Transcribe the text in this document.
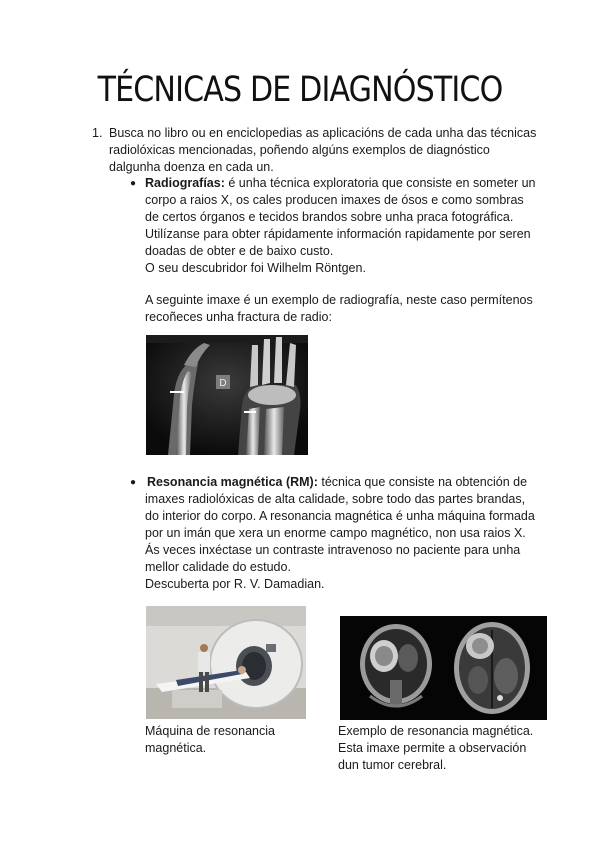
TÉCNICAS DE DIAGNÓSTICO
1. Busca no libro ou en enciclopedias as aplicacións de cada unha das técnicas
radiolóxicas mencionadas, poñendo algúns exemplos de diagnóstico
dalgunha doenza en cada un.
● Radiografías: é unha técnica exploratoria que consiste en someter un
corpo a raios X, os cales producen imaxes de ósos e como sombras
de certos órganos e tecidos brandos sobre unha praca fotográfica.
Utilízanse para obter rápidamente información rapidamente por seren
doadas de obter e de baixo custo.
O seu descubridor foi Wilhelm Röntgen.
A seguinte imaxe é un exemplo de radiografía, neste caso permítenos
recoñeces unha fractura de radio:
D
● Resonancia magnética (RM): técnica que consiste na obtención de
imaxes radiolóxicas de alta calidade, sobre todo das partes brandas,
do interior do corpo. A resonancia magnética é unha máquina formada
por un imán que xera un enorme campo magnético, non usa raios X.
Ás veces inxéctase un contraste intravenoso no paciente para unha
mellor calidade do estudo.
Descuberta por R. V. Damadian.
Máquina de resonancia
magnética.
Exemplo de resonancia magnética.
Esta imaxe permite a observación
dun tumor cerebral.
